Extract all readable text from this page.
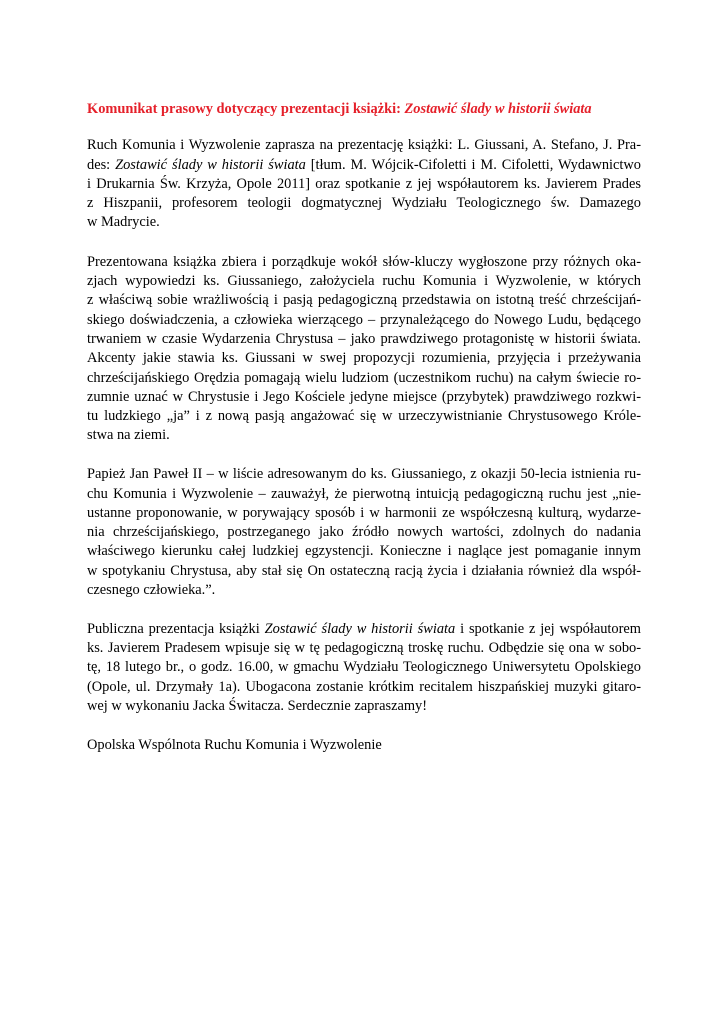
Komunikat prasowy dotyczący prezentacji książki: Zostawić ślady w historii świata

Ruch Komunia i Wyzwolenie zaprasza na prezentację książki: L. Giussani, A. Stefano, J. Pra-
des: Zostawić ślady w historii świata [tłum. M. Wójcik-Cifoletti i M. Cifoletti, Wydawnictwo
i Drukarnia Św. Krzyża, Opole 2011] oraz spotkanie z jej współautorem ks. Javierem Prades
z Hiszpanii, profesorem teologii dogmatycznej Wydziału Teologicznego św. Damazego
w Madrycie.

Prezentowana książka zbiera i porządkuje wokół słów-kluczy wygłoszone przy różnych oka-
zjach wypowiedzi ks. Giussaniego, założyciela ruchu Komunia i Wyzwolenie, w których
z właściwą sobie wrażliwością i pasją pedagogiczną przedstawia on istotną treść chrześcijań-
skiego doświadczenia, a człowieka wierzącego – przynależącego do Nowego Ludu, będącego
trwaniem w czasie Wydarzenia Chrystusa – jako prawdziwego protagonistę w historii świata.
Akcenty jakie stawia ks. Giussani w swej propozycji rozumienia, przyjęcia i przeżywania
chrześcijańskiego Orędzia pomagają wielu ludziom (uczestnikom ruchu) na całym świecie ro-
zumnie uznać w Chrystusie i Jego Kościele jedyne miejsce (przybytek) prawdziwego rozkwi-
tu ludzkiego „ja” i z nową pasją angażować się w urzeczywistnianie Chrystusowego Króle-
stwa na ziemi.

Papież Jan Paweł II – w liście adresowanym do ks. Giussaniego, z okazji 50-lecia istnienia ru-
chu Komunia i Wyzwolenie – zauważył, że pierwotną intuicją pedagogiczną ruchu jest „nie-
ustanne proponowanie, w porywający sposób i w harmonii ze współczesną kulturą, wydarze-
nia chrześcijańskiego, postrzeganego jako źródło nowych wartości, zdolnych do nadania
właściwego kierunku całej ludzkiej egzystencji. Konieczne i naglące jest pomaganie innym
w spotykaniu Chrystusa, aby stał się On ostateczną racją życia i działania również dla współ-
czesnego człowieka.”.

Publiczna prezentacja książki Zostawić ślady w historii świata i spotkanie z jej współautorem
ks. Javierem Pradesem wpisuje się w tę pedagogiczną troskę ruchu. Odbędzie się ona w sobo-
tę, 18 lutego br., o godz. 16.00, w gmachu Wydziału Teologicznego Uniwersytetu Opolskiego
(Opole, ul. Drzymały 1a). Ubogacona zostanie krótkim recitalem hiszpańskiej muzyki gitaro-
wej w wykonaniu Jacka Świtacza. Serdecznie zapraszamy!

Opolska Wspólnota Ruchu Komunia i Wyzwolenie
